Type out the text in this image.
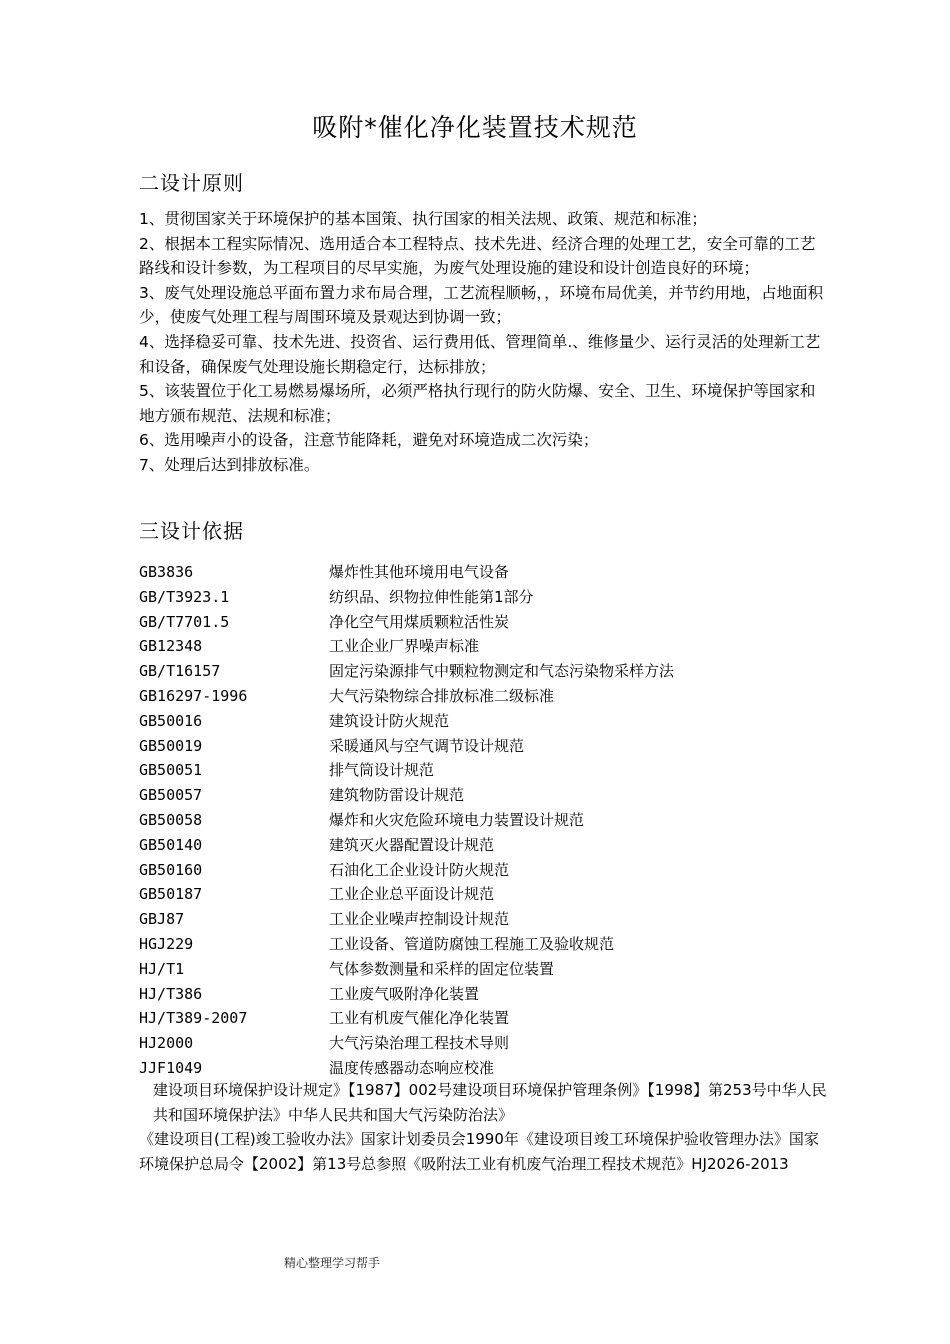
吸附*催化净化装置技术规范
二设计原则
1、贯彻国家关于环境保护的基本国策、执行国家的相关法规、政策、规范和标准；
2、根据本工程实际情况、选用适合本工程特点、技术先进、经济合理的处理工艺，安全可靠的工艺路线和设计参数，为工程项目的尽早实施，为废气处理设施的建设和设计创造良好的环境；
3、废气处理设施总平面布置力求布局合理，工艺流程顺畅，，环境布局优美，并节约用地，占地面积少，使废气处理工程与周围环境及景观达到协调一致；
4、选择稳妥可靠、技术先进、投资省、运行费用低、管理简单.、维修量少、运行灵活的处理新工艺和设备，确保废气处理设施长期稳定行，达标排放；
5、该装置位于化工易燃易爆场所，必须严格执行现行的防火防爆、安全、卫生、环境保护等国家和地方颁布规范、法规和标准；
6、选用噪声小的设备，注意节能降耗，避免对环境造成二次污染；
7、处理后达到排放标准。
三设计依据
GB3836	爆炸性其他环境用电气设备
GB/T3923.1	纺织品、织物拉伸性能第1部分
GB/T7701.5	净化空气用煤质颗粒活性炭
GB12348	工业企业厂界噪声标准
GB/T16157	固定污染源排气中颗粒物测定和气态污染物采样方法
GB16297-1996	大气污染物综合排放标准二级标准
GB50016	建筑设计防火规范
GB50019	采暖通风与空气调节设计规范
GB50051	排气筒设计规范
GB50057	建筑物防雷设计规范
GB50058	爆炸和火灾危险环境电力装置设计规范
GB50140	建筑灭火器配置设计规范
GB50160	石油化工企业设计防火规范
GB50187	工业企业总平面设计规范
GBJ87	工业企业噪声控制设计规范
HGJ229	工业设备、管道防腐蚀工程施工及验收规范
HJ/T1	气体参数测量和采样的固定位装置
HJ/T386	工业废气吸附净化装置
HJ/T389-2007	工业有机废气催化净化装置
HJ2000	大气污染治理工程技术导则
JJF1049	温度传感器动态响应校准

建设项目环境保护设计规定》【1987】002号建设项目环境保护管理条例》【1998】第253号中华人民共和国环境保护法》中华人民共和国大气污染防治法》

《建设项目(工程)竣工验收办法》国家计划委员会1990年《建设项目竣工环境保护验收管理办法》国家环境保护总局令【2002】第13号总参照《吸附法工业有机废气治理工程技术规范》HJ2026-2013

精心整理学习帮手
